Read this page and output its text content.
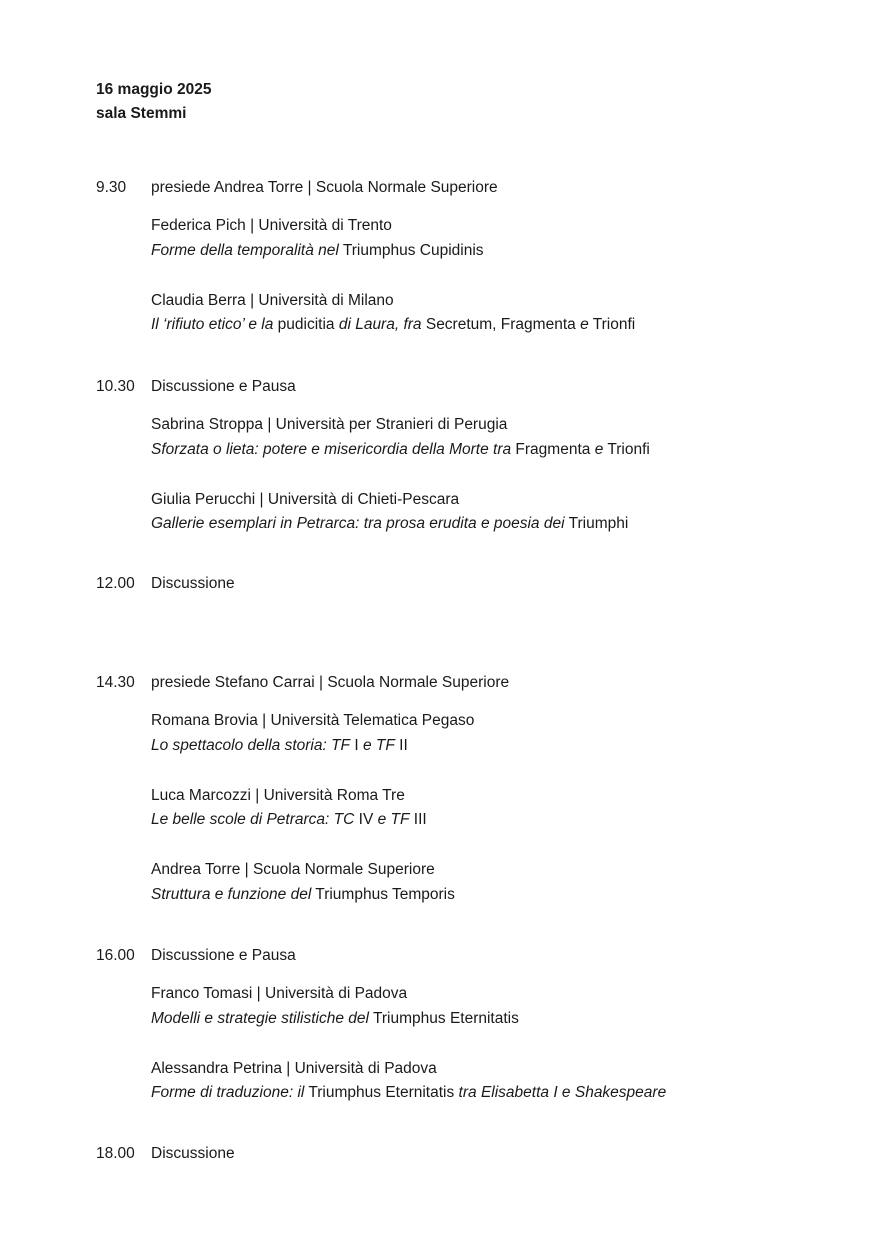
16 maggio 2025

sala Stemmi

9.30	presiede Andrea Torre | Scuola Normale Superiore
Federica Pich | Università di Trento
Forme della temporalità nel Triumphus Cupidinis
Claudia Berra | Università di Milano
Il ‘rifiuto etico’ e la pudicitia di Laura, fra Secretum, Fragmenta e Trionfi
10.30	Discussione e Pausa
Sabrina Stroppa | Università per Stranieri di Perugia
Sforzata o lieta: potere e misericordia della Morte tra Fragmenta e Trionfi
Giulia Perucchi | Università di Chieti-Pescara
Gallerie esemplari in Petrarca: tra prosa erudita e poesia dei Triumphi
12.00	Discussione
14.30	presiede Stefano Carrai | Scuola Normale Superiore
Romana Brovia | Università Telematica Pegaso
Lo spettacolo della storia: TF I e TF II
Luca Marcozzi | Università Roma Tre
Le belle scole di Petrarca: TC IV e TF III
Andrea Torre | Scuola Normale Superiore
Struttura e funzione del Triumphus Temporis
16.00	Discussione e Pausa
Franco Tomasi | Università di Padova
Modelli e strategie stilistiche del Triumphus Eternitatis
Alessandra Petrina | Università di Padova
Forme di traduzione: il Triumphus Eternitatis tra Elisabetta I e Shakespeare
18.00	Discussione
